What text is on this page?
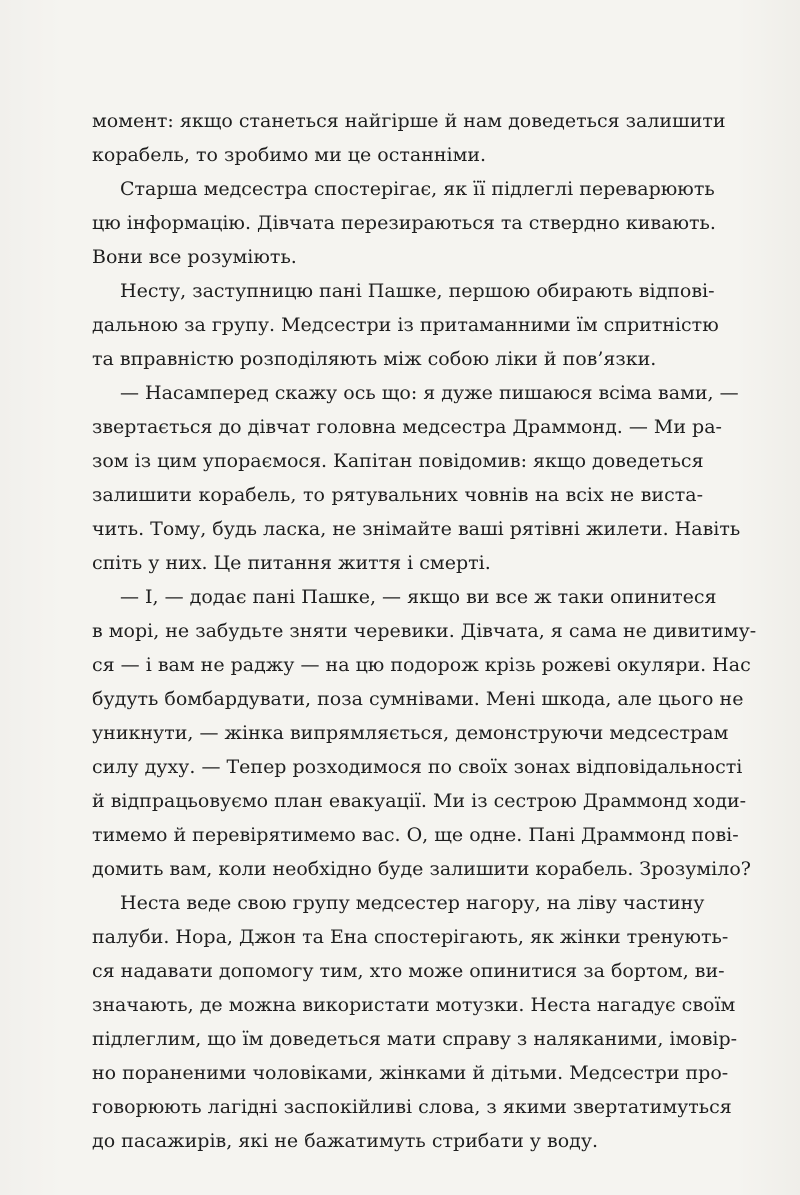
момент: якщо станеться найгірше й нам доведеться залишити
корабель, то зробимо ми це останніми.
Старша медсестра спостерігає, як її підлеглі переварюють
цю інформацію. Дівчата перезираються та ствердно кивають.
Вони все розуміють.
Несту, заступницю пані Пашке, першою обирають відпові-
дальною за групу. Медсестри із притаманними їм спритністю
та вправністю розподіляють між собою ліки й пов’язки.
— Насамперед скажу ось що: я дуже пишаюся всіма вами, —
звертається до дівчат головна медсестра Драммонд. — Ми ра-
зом із цим упораємося. Капітан повідомив: якщо доведеться
залишити корабель, то рятувальних човнів на всіх не вистa-
чить. Тому, будь ласка, не знімайте ваші рятівні жилети. Навіть
спіть у них. Це питання життя і смерті.
— І, — додає пані Пашке, — якщо ви все ж таки опинитеся
в морі, не забудьте зняти черевики. Дівчата, я сама не дивитиму-
ся — і вам не раджу — на цю подорож крізь рожеві окуляри. Нас
будуть бомбардувати, поза сумнівами. Мені шкода, але цього не
уникнути, — жінка випрямляється, демонструючи медсестрам
силу духу. — Тепер розходимося по своїх зонах відповідальності
й відпрацьовуємо план евакуації. Ми із сестрою Драммонд ходи-
тимемо й перевірятимемо вас. О, ще одне. Пані Драммонд пові-
домить вам, коли необхідно буде залишити корабель. Зрозуміло?
Неста веде свою групу медсестер нагору, на ліву частину
палуби. Нора, Джон та Ена спостерігають, як жінки тренують-
ся надавати допомогу тим, хто може опинитися за бортом, ви-
значають, де можна використати мотузки. Неста нагадує своїм
підлеглим, що їм доведеться мати справу з наляканими, імовір-
но пораненими чоловіками, жінками й дітьми. Медсестри про-
говорюють лагідні заспокійливі слова, з якими звертатимуться
до пасажирів, які не бажатимуть стрибати у воду.
